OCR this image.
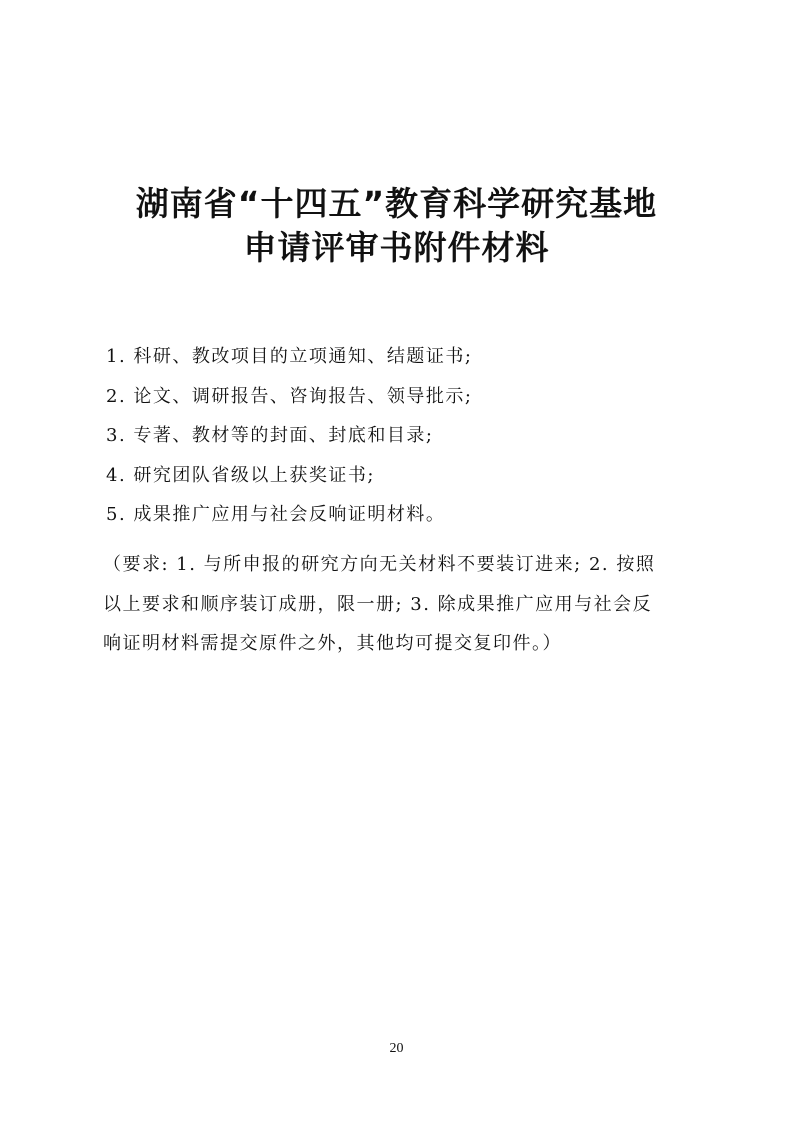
湖南省“十四五”教育科学研究基地
申请评审书附件材料
1. 科研、教改项目的立项通知、结题证书;
2. 论文、调研报告、咨询报告、领导批示;
3. 专著、教材等的封面、封底和目录;
4. 研究团队省级以上获奖证书;
5. 成果推广应用与社会反响证明材料。
（要求: 1. 与所申报的研究方向无关材料不要装订进来; 2. 按照
以上要求和顺序装订成册，限一册; 3. 除成果推广应用与社会反
响证明材料需提交原件之外，其他均可提交复印件。）
20
